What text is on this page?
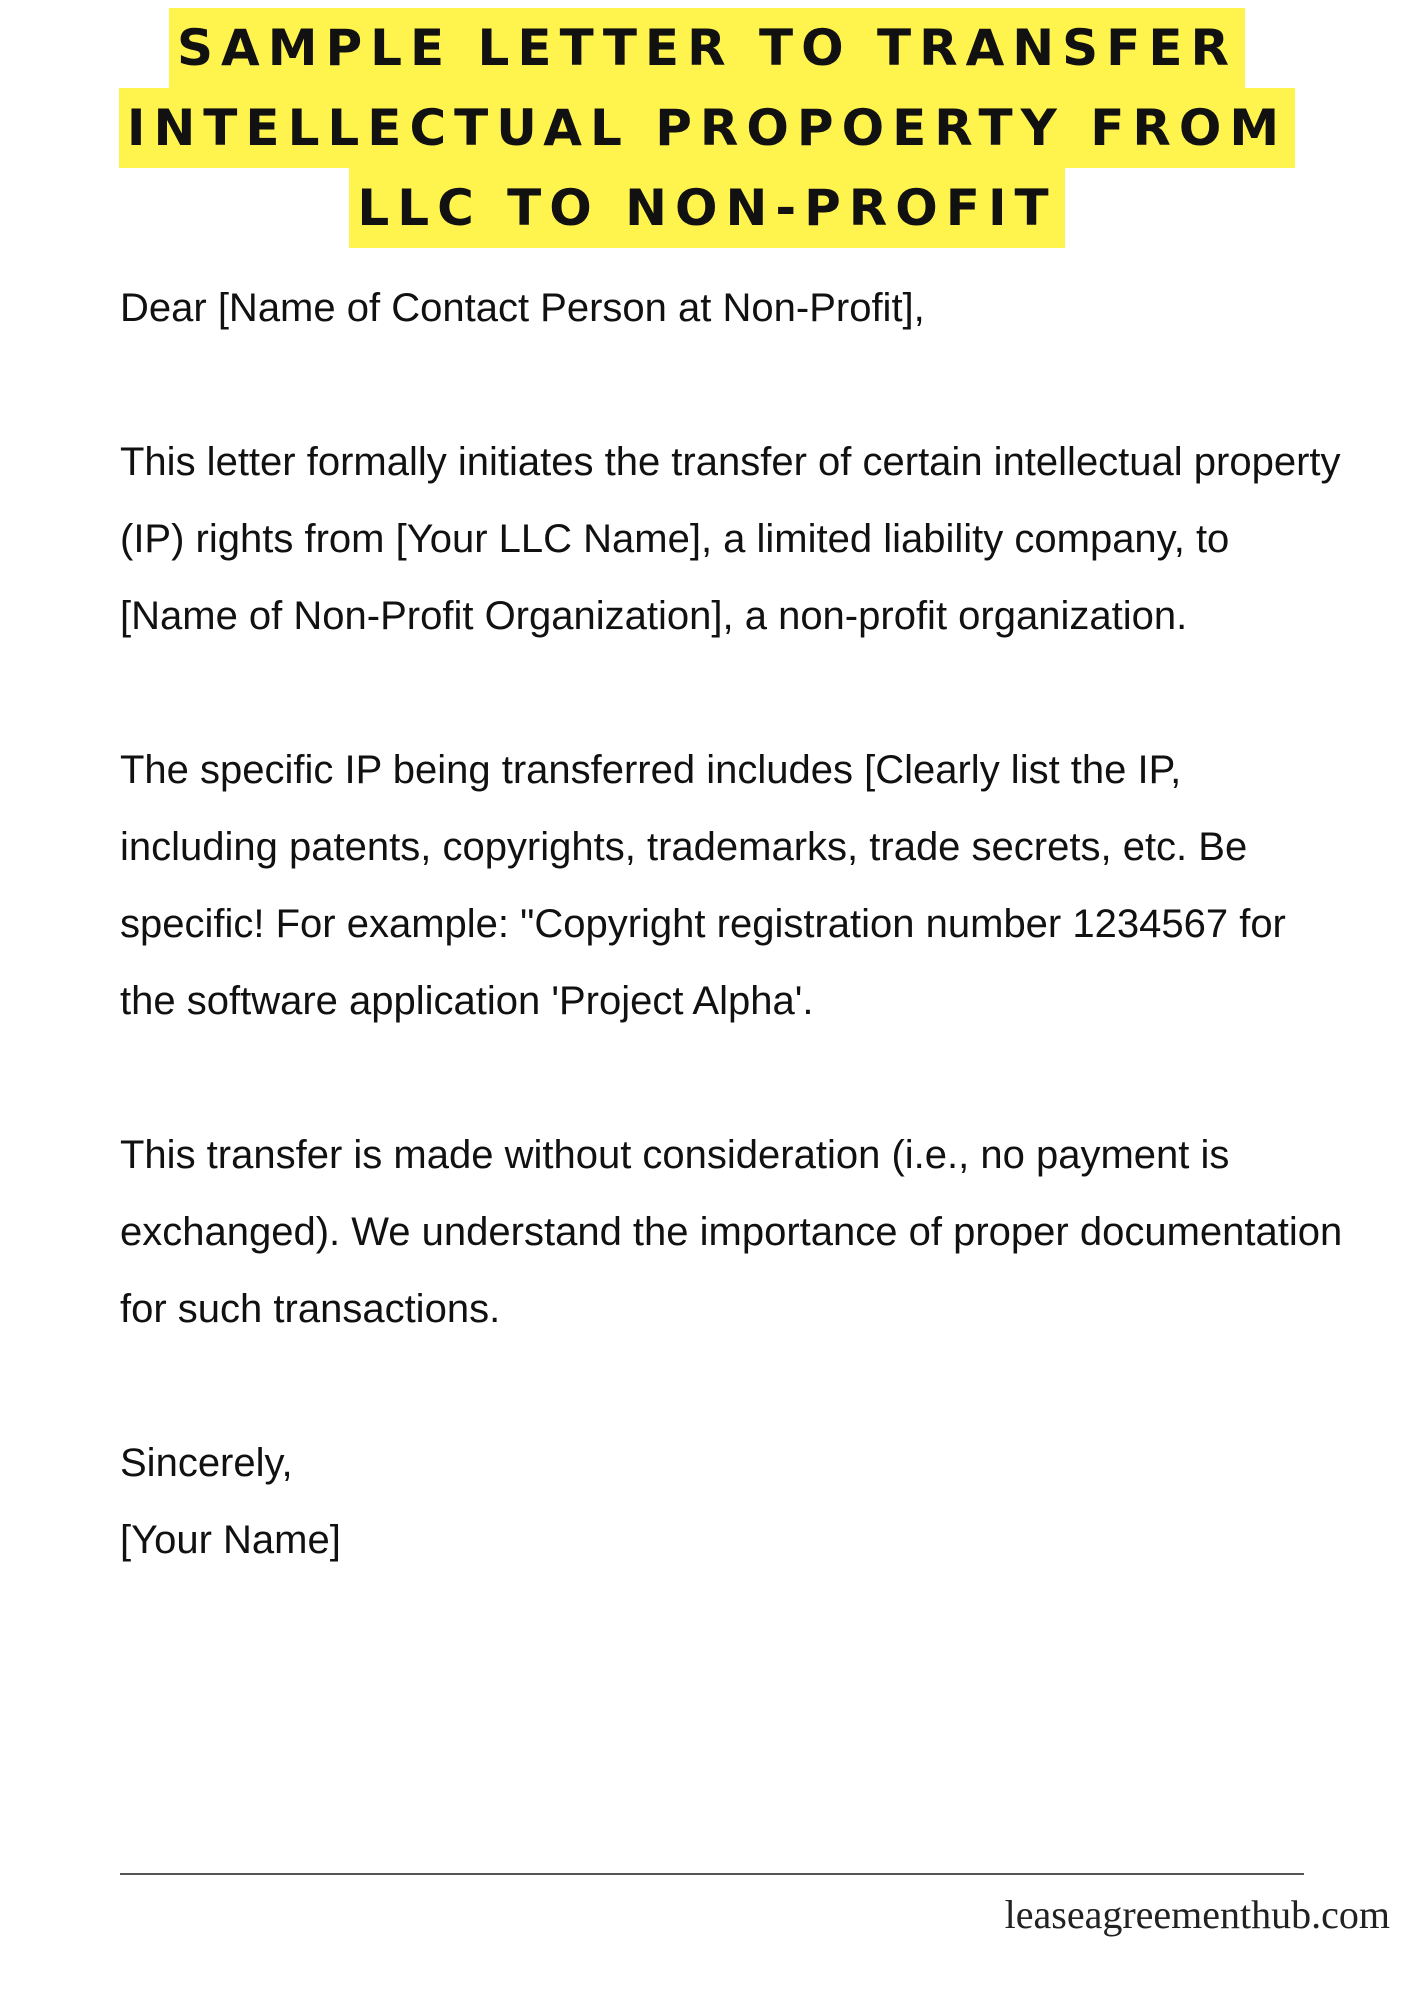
SAMPLE LETTER TO TRANSFER
INTELLECTUAL PROPOERTY FROM
LLC TO NON-PROFIT

Dear [Name of Contact Person at Non-Profit],

This letter formally initiates the transfer of certain intellectual property (IP) rights from [Your LLC Name], a limited liability company, to [Name of Non-Profit Organization], a non-profit organization.

The specific IP being transferred includes [Clearly list the IP, including patents, copyrights, trademarks, trade secrets, etc. Be specific! For example: "Copyright registration number 1234567 for the software application 'Project Alpha'.

This transfer is made without consideration (i.e., no payment is exchanged). We understand the importance of proper documentation for such transactions.

Sincerely,
[Your Name]
leaseagreementhub.com
